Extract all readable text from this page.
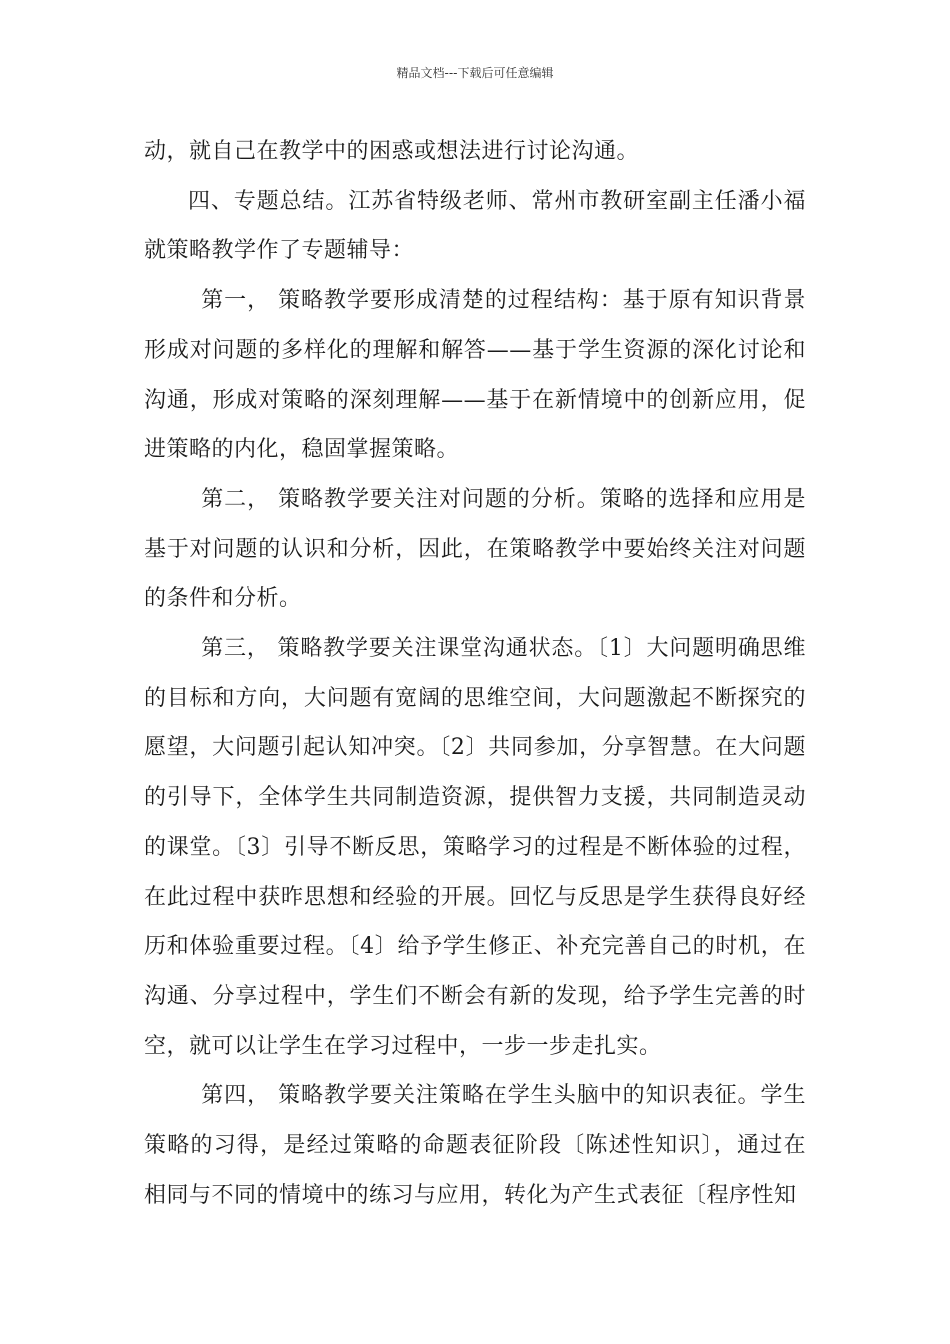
精品文档---下载后可任意编辑

动，就自己在教学中的困惑或想法进行讨论沟通。

四、专题总结。江苏省特级老师、常州市教研室副主任潘小福就策略教学作了专题辅导：

第一， 策略教学要形成清楚的过程结构：基于原有知识背景形成对问题的多样化的理解和解答——基于学生资源的深化讨论和沟通，形成对策略的深刻理解——基于在新情境中的创新应用，促进策略的内化，稳固掌握策略。

第二， 策略教学要关注对问题的分析。策略的选择和应用是基于对问题的认识和分析，因此，在策略教学中要始终关注对问题的条件和分析。

第三， 策略教学要关注课堂沟通状态。〔1〕大问题明确思维的目标和方向，大问题有宽阔的思维空间，大问题激起不断探究的愿望，大问题引起认知冲突。〔2〕共同参加，分享智慧。在大问题的引导下，全体学生共同制造资源，提供智力支援，共同制造灵动的课堂。〔3〕引导不断反思，策略学习的过程是不断体验的过程，在此过程中获昨思想和经验的开展。回忆与反思是学生获得良好经历和体验重要过程。〔4〕给予学生修正、补充完善自己的时机，在沟通、分享过程中，学生们不断会有新的发现，给予学生完善的时空，就可以让学生在学习过程中，一步一步走扎实。

第四， 策略教学要关注策略在学生头脑中的知识表征。学生策略的习得，是经过策略的命题表征阶段〔陈述性知识〕，通过在相同与不同的情境中的练习与应用，转化为产生式表征〔程序性知
